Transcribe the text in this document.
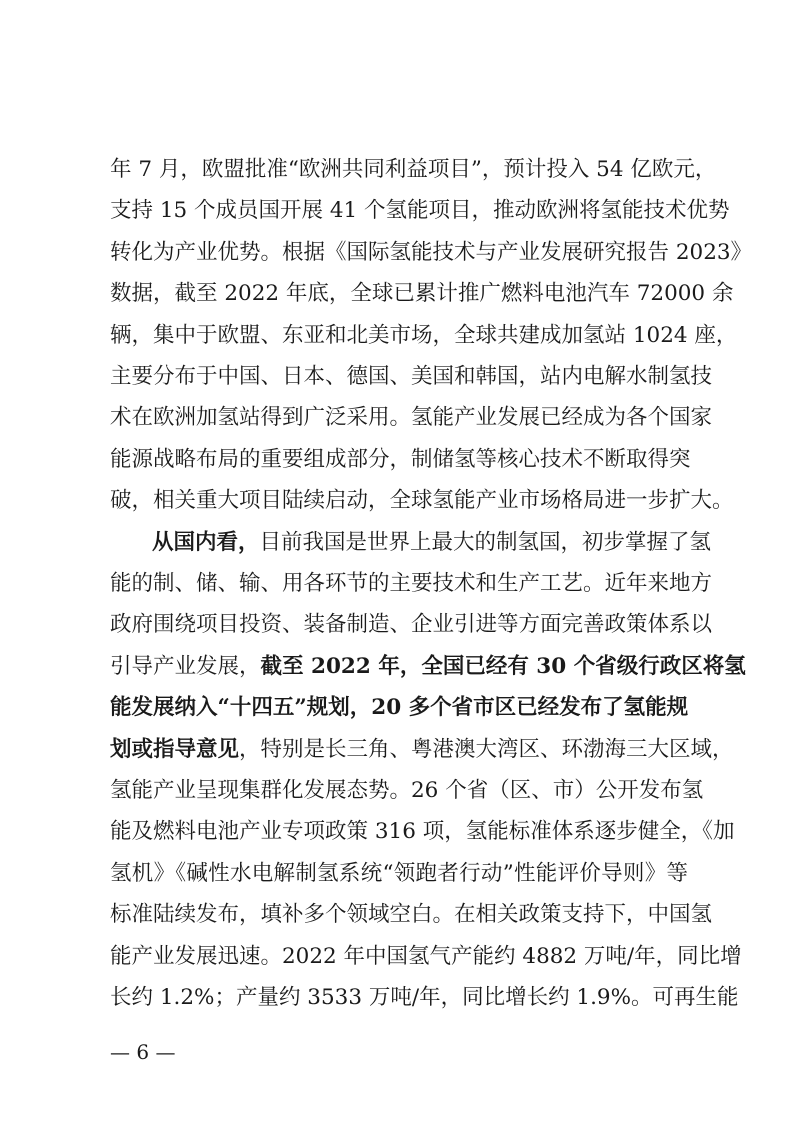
年 7 月，欧盟批准“欧洲共同利益项目”，预计投入 54 亿欧元，
支持 15 个成员国开展 41 个氢能项目，推动欧洲将氢能技术优势
转化为产业优势。根据《国际氢能技术与产业发展研究报告 2023》
数据，截至 2022 年底，全球已累计推广燃料电池汽车 72000 余
辆，集中于欧盟、东亚和北美市场，全球共建成加氢站 1024 座，
主要分布于中国、日本、德国、美国和韩国，站内电解水制氢技
术在欧洲加氢站得到广泛采用。氢能产业发展已经成为各个国家
能源战略布局的重要组成部分，制储氢等核心技术不断取得突
破，相关重大项目陆续启动，全球氢能产业市场格局进一步扩大。
从国内看，目前我国是世界上最大的制氢国，初步掌握了氢
能的制、储、输、用各环节的主要技术和生产工艺。近年来地方
政府围绕项目投资、装备制造、企业引进等方面完善政策体系以
引导产业发展，截至 2022 年，全国已经有 30 个省级行政区将氢
能发展纳入“十四五”规划，20 多个省市区已经发布了氢能规
划或指导意见，特别是长三角、粤港澳大湾区、环渤海三大区域，
氢能产业呈现集群化发展态势。26 个省（区、市）公开发布氢
能及燃料电池产业专项政策 316 项，氢能标准体系逐步健全，《加
氢机》《碱性水电解制氢系统“领跑者行动”性能评价导则》等
标准陆续发布，填补多个领域空白。在相关政策支持下，中国氢
能产业发展迅速。2022 年中国氢气产能约 4882 万吨/年，同比增
长约 1.2%；产量约 3533 万吨/年，同比增长约 1.9%。可再生能
— 6 —
